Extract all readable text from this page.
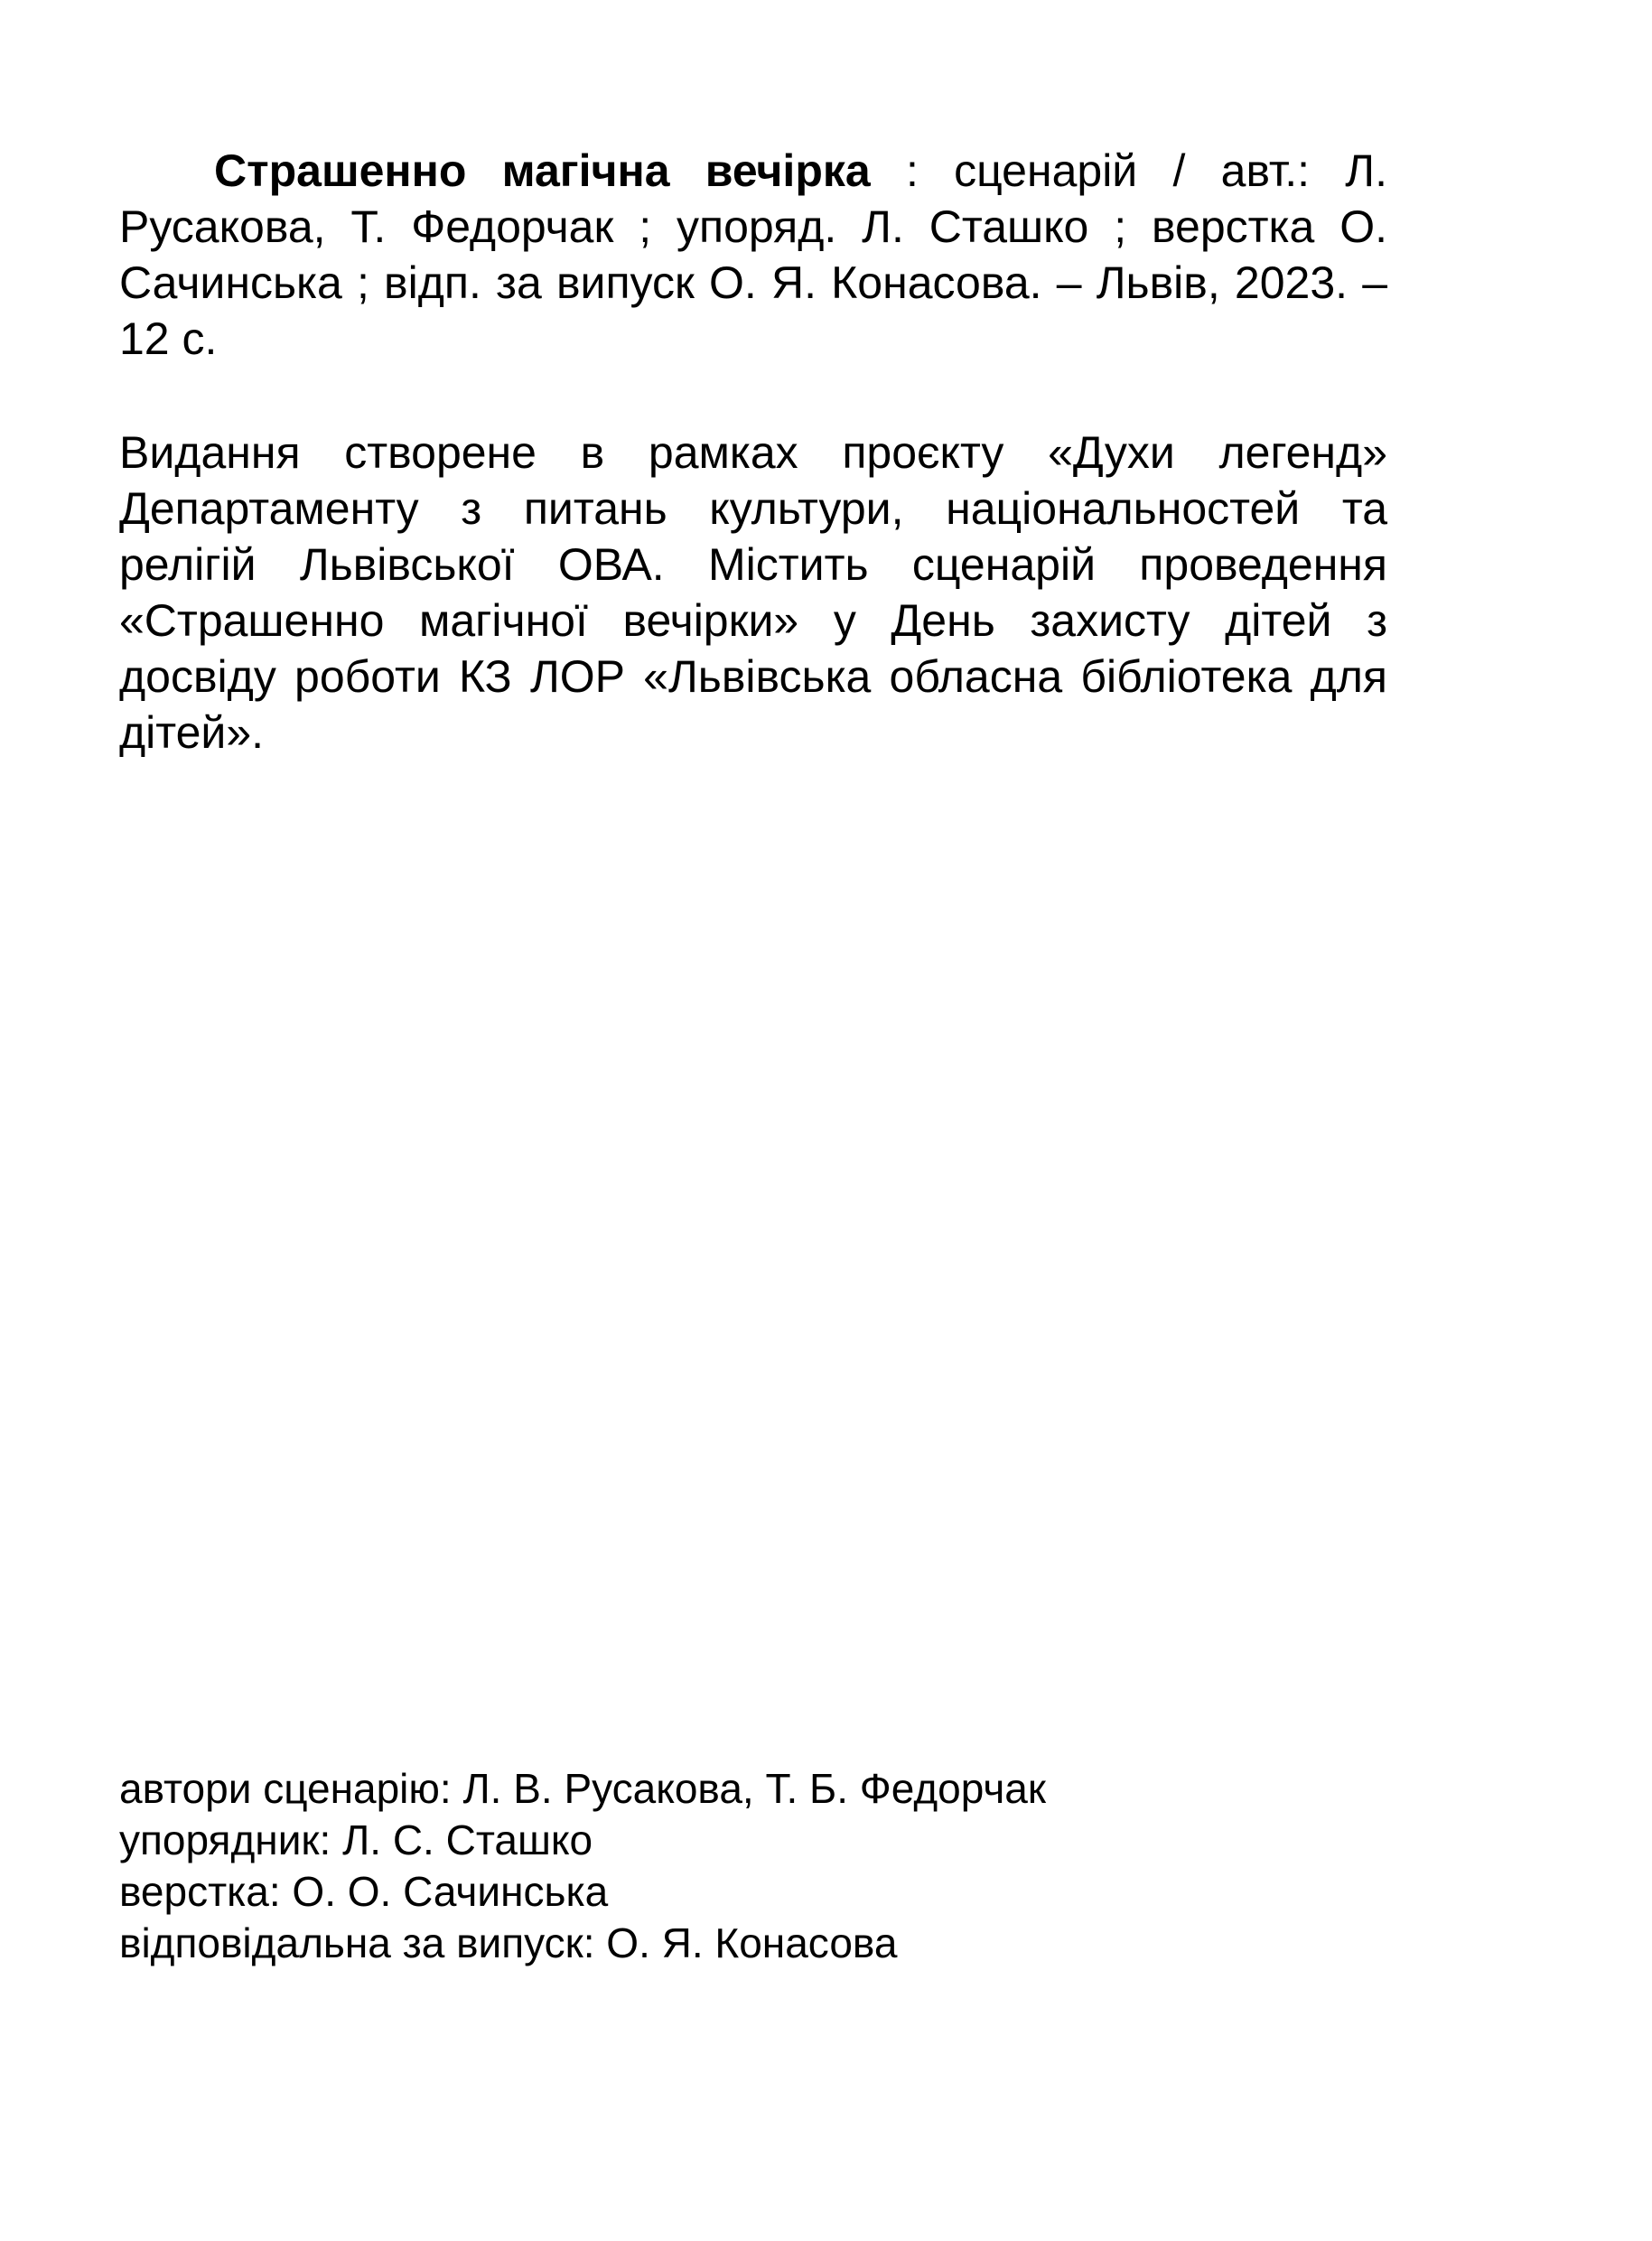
Страшенно магічна вечірка : сценарій / авт.: Л. Русакова, Т. Федорчак ; упоряд. Л. Сташко ; верстка О. Сачинська ; відп. за випуск О. Я. Конасова. – Львів, 2023. – 12 с.

Видання створене в рамках проєкту «Духи легенд» Департаменту з питань культури, національностей та релігій Львівської ОВА. Містить сценарій проведення «Страшенно магічної вечірки» у День захисту дітей з досвіду роботи КЗ ЛОР «Львівська обласна бібліотека для дітей».

автори сценарію: Л. В. Русакова, Т. Б. Федорчак
упорядник: Л. С. Сташко
верстка: О. О. Сачинська
відповідальна за випуск: О. Я. Конасова
